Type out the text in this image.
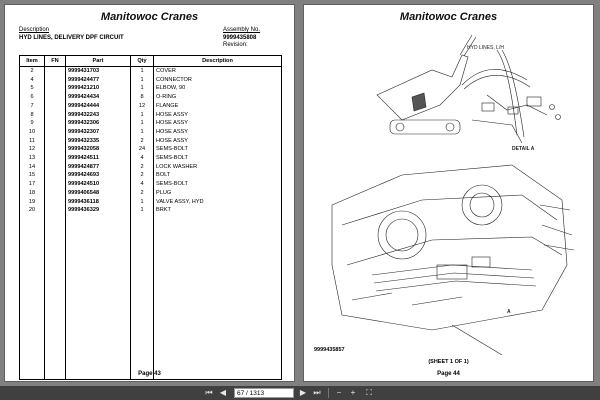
Manitowoc Cranes
Description
HYD LINES, DELIVERY DPF CIRCUIT
Assembly No.
9999435808
Revision:
Item	FN	Part	Qty	Description
2		9999431703	1	COVER
4		9999424477	1	CONNECTOR
5		9999421210	1	ELBOW, 90
6		9999424434	8	O-RING
7		9999424444	12	FLANGE
8		9999432243	1	HOSE ASSY
9		9999432306	1	HOSE ASSY
10		9999432307	1	HOSE ASSY
11		9999432335	2	HOSE ASSY
12		9999432058	24	SEMS-BOLT
13		9999424511	4	SEMS-BOLT
14		9999424877	2	LOCK WASHER
15		9999424693	2	BOLT
17		9999424510	4	SEMS-BOLT
18		9999406548	2	PLUG
19		9999436118	1	VALVE ASSY, HYD
20		9999436329	1	BRKT

Page 43
Manitowoc Cranes
HYD LINES, L/H
DETAIL A
A
9999435857
(SHEET 1 OF 1)
Page 44
⏮ ◀
67 / 1313	▶ ⏭	−	+	⛶
